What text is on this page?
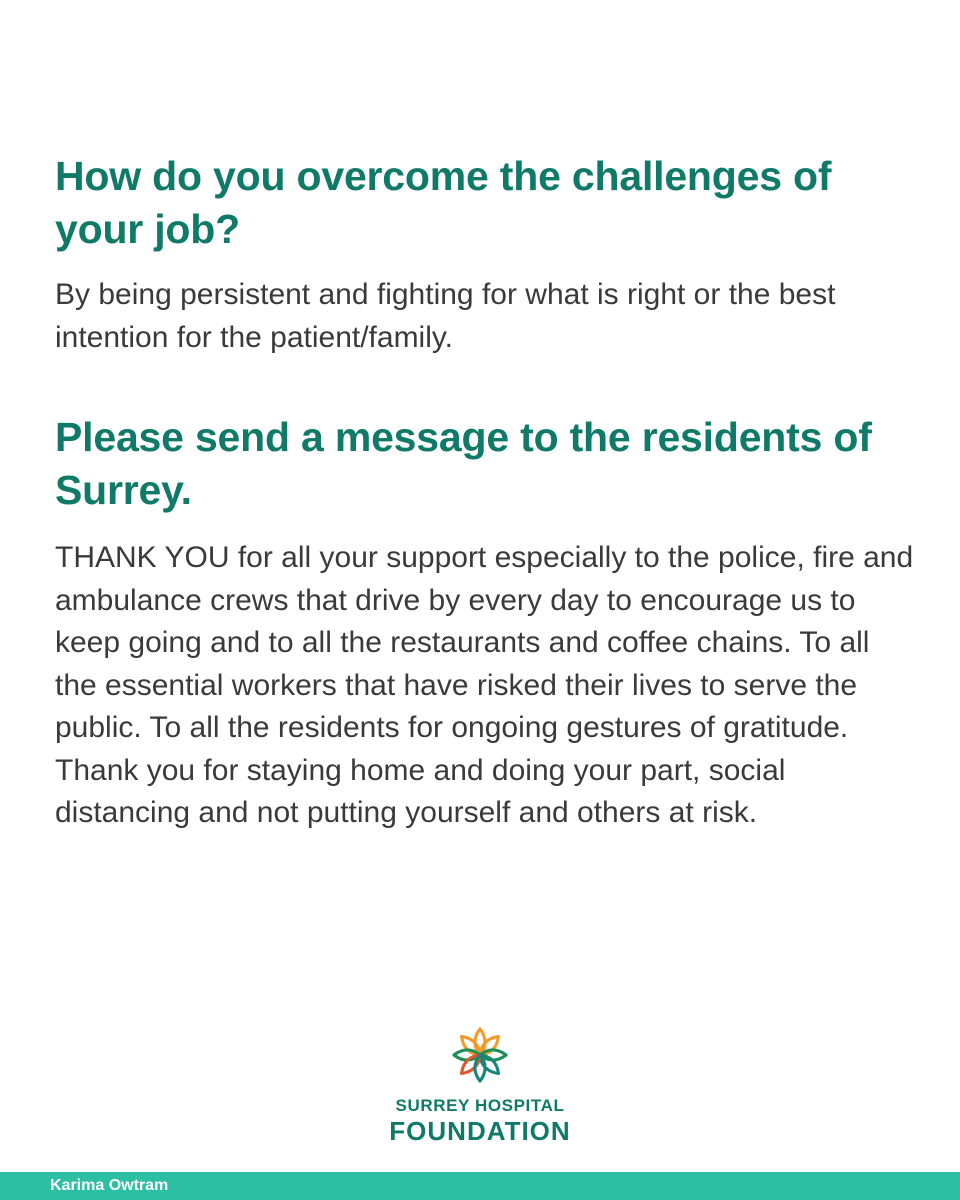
How do you overcome the challenges of your job?

By being persistent and fighting for what is right or the best intention for the patient/family.

Please send a message to the residents of Surrey.

THANK YOU for all your support especially to the police, fire and ambulance crews that drive by every day to encourage us to keep going and to all the restaurants and coffee chains. To all the essential workers that have risked their lives to serve the public. To all the residents for ongoing gestures of gratitude. Thank you for staying home and doing your part, social distancing and not putting yourself and others at risk.

SURREY HOSPITAL
FOUNDATION
Karima Owtram
